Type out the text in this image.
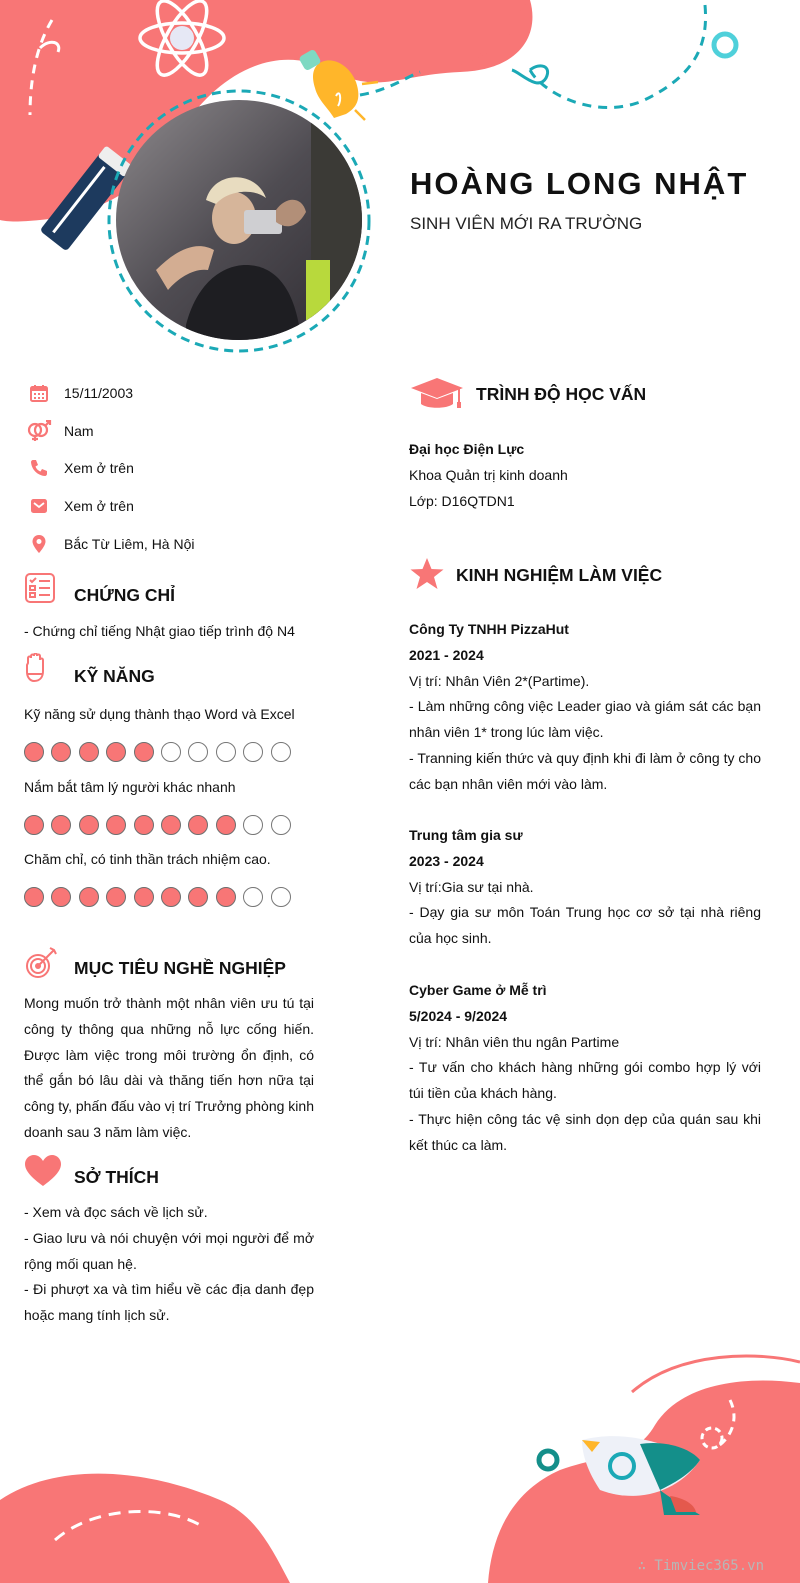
HOÀNG LONG NHẬT
SINH VIÊN MỚI RA TRƯỜNG
15/11/2003
Nam
Xem ở trên
Xem ở trên
Bắc Từ Liêm, Hà Nội
CHỨNG CHỈ
- Chứng chỉ tiếng Nhật giao tiếp trình độ N4
KỸ NĂNG
Kỹ năng sử dụng thành thạo Word và Excel
Nắm bắt tâm lý người khác nhanh
Chăm chỉ, có tinh thần trách nhiệm cao.
MỤC TIÊU NGHỀ NGHIỆP
Mong muốn trở thành một nhân viên ưu tú tại công ty thông qua những nỗ lực cống hiến. Được làm việc trong môi trường ổn định, có thể gắn bó lâu dài và thăng tiến hơn nữa tại công ty, phấn đấu vào vị trí Trưởng phòng kinh doanh sau 3 năm làm việc.
SỞ THÍCH
- Xem và đọc sách về lịch sử.
- Giao lưu và nói chuyện với mọi người để mở rộng mối quan hệ.
- Đi phượt xa và tìm hiểu về các địa danh đẹp hoặc mang tính lịch sử.
TRÌNH ĐỘ HỌC VẤN
Đại học Điện Lực
Khoa Quản trị kinh doanh
Lớp: D16QTDN1
KINH NGHIỆM LÀM VIỆC
Công Ty TNHH PizzaHut
2021 - 2024
Vị trí: Nhân Viên 2*(Partime).
- Làm những công việc Leader giao và giám sát các bạn nhân viên 1* trong lúc làm việc.
- Tranning kiến thức và quy định khi đi làm ở công ty cho các bạn nhân viên mới vào làm.
Trung tâm gia sư
2023 - 2024
Vị trí:Gia sư tại nhà.
- Dạy gia sư môn Toán Trung học cơ sở tại nhà riêng của học sinh.
Cyber Game ở Mễ trì
5/2024 - 9/2024
Vị trí: Nhân viên thu ngân Partime
- Tư vấn cho khách hàng những gói combo hợp lý với túi tiền của khách hàng.
- Thực hiện công tác vệ sinh dọn dẹp của quán sau khi kết thúc ca làm.
∴ Timviec365.vn
